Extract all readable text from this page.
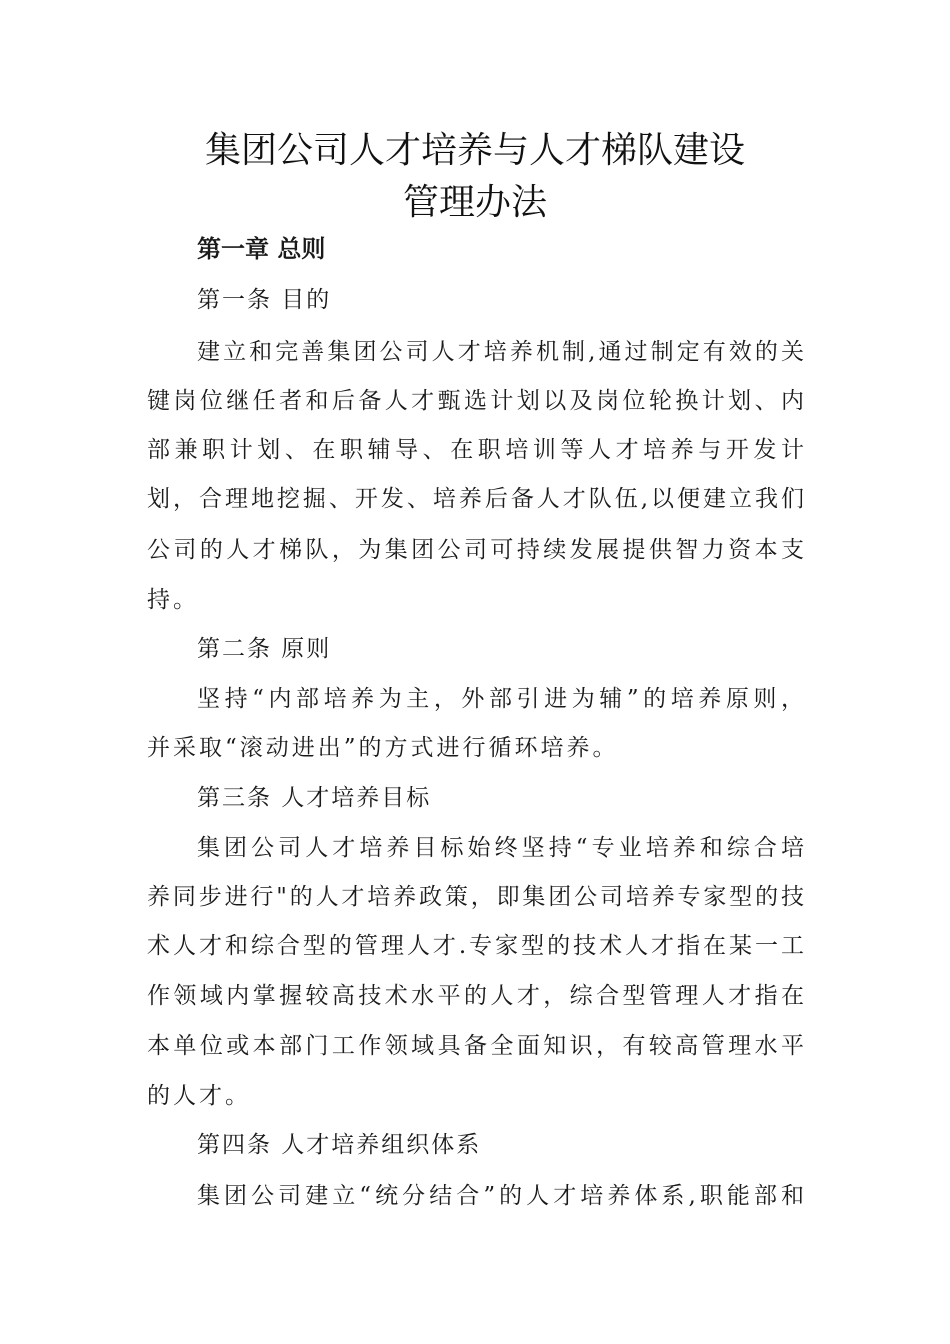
集团公司人才培养与人才梯队建设
管理办法
第一章 总则
第一条 目的
建立和完善集团公司人才培养机制,通过制定有效的关
键岗位继任者和后备人才甄选计划以及岗位轮换计划、内
部兼职计划、在职辅导、在职培训等人才培养与开发计
划，合理地挖掘、开发、培养后备人才队伍,以便建立我们
公司的人才梯队，为集团公司可持续发展提供智力资本支
持。
第二条 原则
坚持“内部培养为主，外部引进为辅”的培养原则，
并采取“滚动进出”的方式进行循环培养。
第三条 人才培养目标
集团公司人才培养目标始终坚持“专业培养和综合培
养同步进行"的人才培养政策，即集团公司培养专家型的技
术人才和综合型的管理人才.专家型的技术人才指在某一工
作领域内掌握较高技术水平的人才，综合型管理人才指在
本单位或本部门工作领域具备全面知识，有较高管理水平
的人才。
第四条 人才培养组织体系
集团公司建立“统分结合”的人才培养体系,职能部和
